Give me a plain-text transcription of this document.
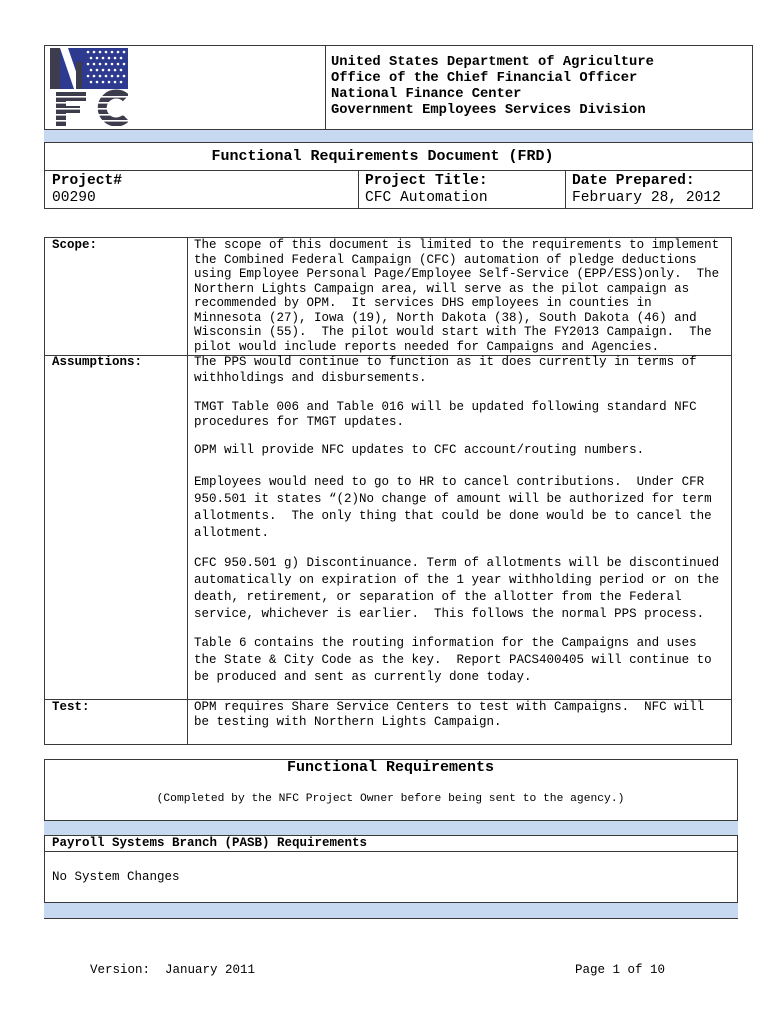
United States Department of Agriculture
Office of the Chief Financial Officer
National Finance Center
Government Employees Services Division
Functional Requirements Document (FRD)
Project#
00290
Project Title:
CFC Automation
Date Prepared:
February 28, 2012
Scope:	The scope of this document is limited to the requirements to implement
the Combined Federal Campaign (CFC) automation of pledge deductions
using Employee Personal Page/Employee Self-Service (EPP/ESS)only.  The
Northern Lights Campaign area, will serve as the pilot campaign as
recommended by OPM.  It services DHS employees in counties in
Minnesota (27), Iowa (19), North Dakota (38), South Dakota (46) and
Wisconsin (55).  The pilot would start with The FY2013 Campaign.  The
pilot would include reports needed for Campaigns and Agencies.
Assumptions:	The PPS would continue to function as it does currently in terms of
withholdings and disbursements.
TMGT Table 006 and Table 016 will be updated following standard NFC
procedures for TMGT updates.
OPM will provide NFC updates to CFC account/routing numbers.
Employees would need to go to HR to cancel contributions.  Under CFR
950.501 it states “(2)No change of amount will be authorized for term
allotments.  The only thing that could be done would be to cancel the
allotment.
CFC 950.501 g) Discontinuance. Term of allotments will be discontinued
automatically on expiration of the 1 year withholding period or on the
death, retirement, or separation of the allotter from the Federal
service, whichever is earlier.  This follows the normal PPS process.
Table 6 contains the routing information for the Campaigns and uses
the State & City Code as the key.  Report PACS400405 will continue to
be produced and sent as currently done today.
Test:	OPM requires Share Service Centers to test with Campaigns.  NFC will
be testing with Northern Lights Campaign.
Functional Requirements
(Completed by the NFC Project Owner before being sent to the agency.)
Payroll Systems Branch (PASB) Requirements
No System Changes
Version:  January 2011	Page 1 of 10
